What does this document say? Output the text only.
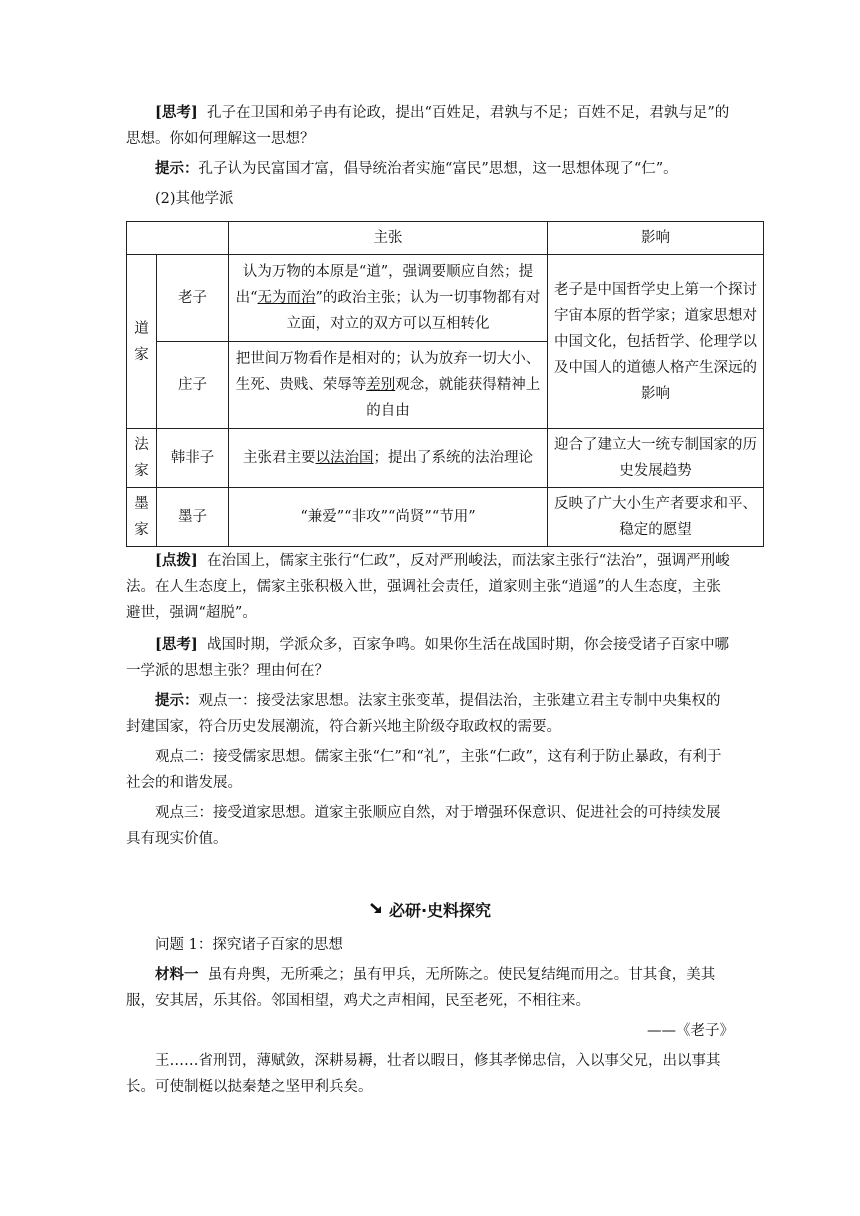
[思考] 孔子在卫国和弟子冉有论政，提出“百姓足，君孰与不足；百姓不足，君孰与足”的思想。你如何理解这一思想？

提示：孔子认为民富国才富，倡导统治者实施“富民”思想，这一思想体现了“仁”。

(2)其他学派

		主张	影响
道家	老子	认为万物的本原是“道”，强调要顺应自然；提出“无为而治”的政治主张；认为一切事物都有对立面，对立的双方可以互相转化	老子是中国哲学史上第一个探讨宇宙本原的哲学家；道家思想对中国文化，包括哲学、伦理学以及中国人的道德人格产生深远的影响
	庄子	把世间万物看作是相对的；认为放弃一切大小、生死、贵贱、荣辱等差别观念，就能获得精神上的自由	
法家	韩非子	主张君主要以法治国；提出了系统的法治理论	迎合了建立大一统专制国家的历史发展趋势
墨家	墨子	“兼爱”“非攻”“尚贤”“节用”	反映了广大小生产者要求和平、稳定的愿望

[点拨] 在治国上，儒家主张行“仁政”，反对严刑峻法，而法家主张行“法治”，强调严刑峻法。在人生态度上，儒家主张积极入世，强调社会责任，道家则主张“逍遥”的人生态度，主张避世，强调“超脱”。

[思考] 战国时期，学派众多，百家争鸣。如果你生活在战国时期，你会接受诸子百家中哪一学派的思想主张？理由何在？

提示：观点一：接受法家思想。法家主张变革，提倡法治，主张建立君主专制中央集权的封建国家，符合历史发展潮流，符合新兴地主阶级夺取政权的需要。

观点二：接受儒家思想。儒家主张“仁”和“礼”，主张“仁政”，这有利于防止暴政，有利于社会的和谐发展。

观点三：接受道家思想。道家主张顺应自然，对于增强环保意识、促进社会的可持续发展具有现实价值。

必研·史料探究

问题 1：探究诸子百家的思想

材料一 虽有舟舆，无所乘之；虽有甲兵，无所陈之。使民复结绳而用之。甘其食，美其服，安其居，乐其俗。邻国相望，鸡犬之声相闻，民至老死，不相往来。

——《老子》

王……省刑罚，薄赋敛，深耕易耨，壮者以暇日，修其孝悌忠信，入以事父兄，出以事其长。可使制梃以挞秦楚之坚甲利兵矣。
